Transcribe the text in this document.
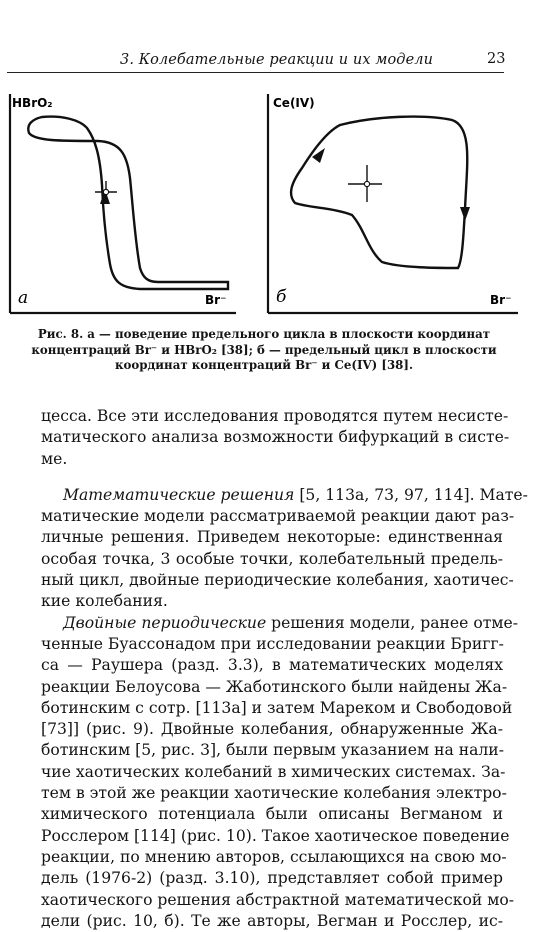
3. Колебательные реакции и их модели	23
HBrO₂
Br⁻
а
Ce(IV)
Br⁻
б
Рис. 8. а — поведение предельного цикла в плоскости координат
концентраций Br⁻ и HBrO₂ [38]; б — предельный цикл в плоскости
координат концентраций Br⁻ и Ce(IV) [38].

цесса. Все эти исследования проводятся путем несисте-
матического анализа возможности бифуркаций в систе-
ме.

Математические решения [5, 113а, 73, 97, 114]. Мате-
матические модели рассматриваемой реакции дают раз-
личные решения. Приведем некоторые: единственная
особая точка, 3 особые точки, колебательный предель-
ный цикл, двойные периодические колебания, хаотичес-
кие колебания.

Двойные периодические решения модели, ранее отме-
ченные Буассонадом при исследовании реакции Бригг-
са — Раушера (разд. 3.3), в математических моделях
реакции Белоусова — Жаботинского были найдены Жа-
ботинским с сотр. [113а] и затем Мареком и Свободовой
[73]] (рис. 9). Двойные колебания, обнаруженные Жа-
ботинским [5, рис. 3], были первым указанием на нали-
чие хаотических колебаний в химических системах. За-
тем в этой же реакции хаотические колебания электро-
химического потенциала были описаны Вегманом и
Росслером [114] (рис. 10). Такое хаотическое поведение
реакции, по мнению авторов, ссылающихся на свою мо-
дель (1976-2) (разд. 3.10), представляет собой пример
хаотического решения абстрактной математической мо-
дели (рис. 10, б). Те же авторы, Вегман и Росслер, ис-
